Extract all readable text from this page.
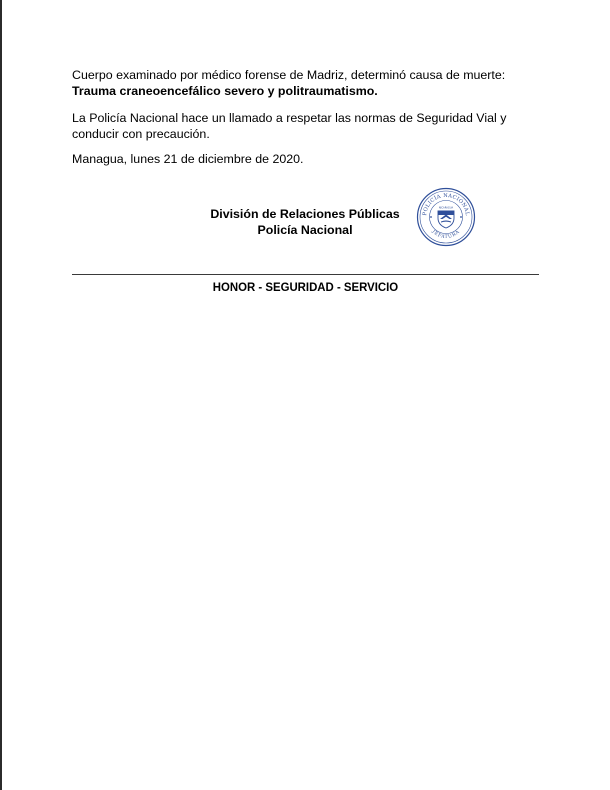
Cuerpo examinado por médico forense de Madriz, determinó causa de muerte: Trauma craneoencefálico severo y politraumatismo.

La Policía Nacional hace un llamado a respetar las normas de Seguridad Vial y conducir con precaución.

Managua, lunes 21 de diciembre de 2020.

División de Relaciones Públicas
Policía Nacional
POLICÍA NACIONAL
JEFATURA
NICARAGUA
HONOR - SEGURIDAD - SERVICIO
